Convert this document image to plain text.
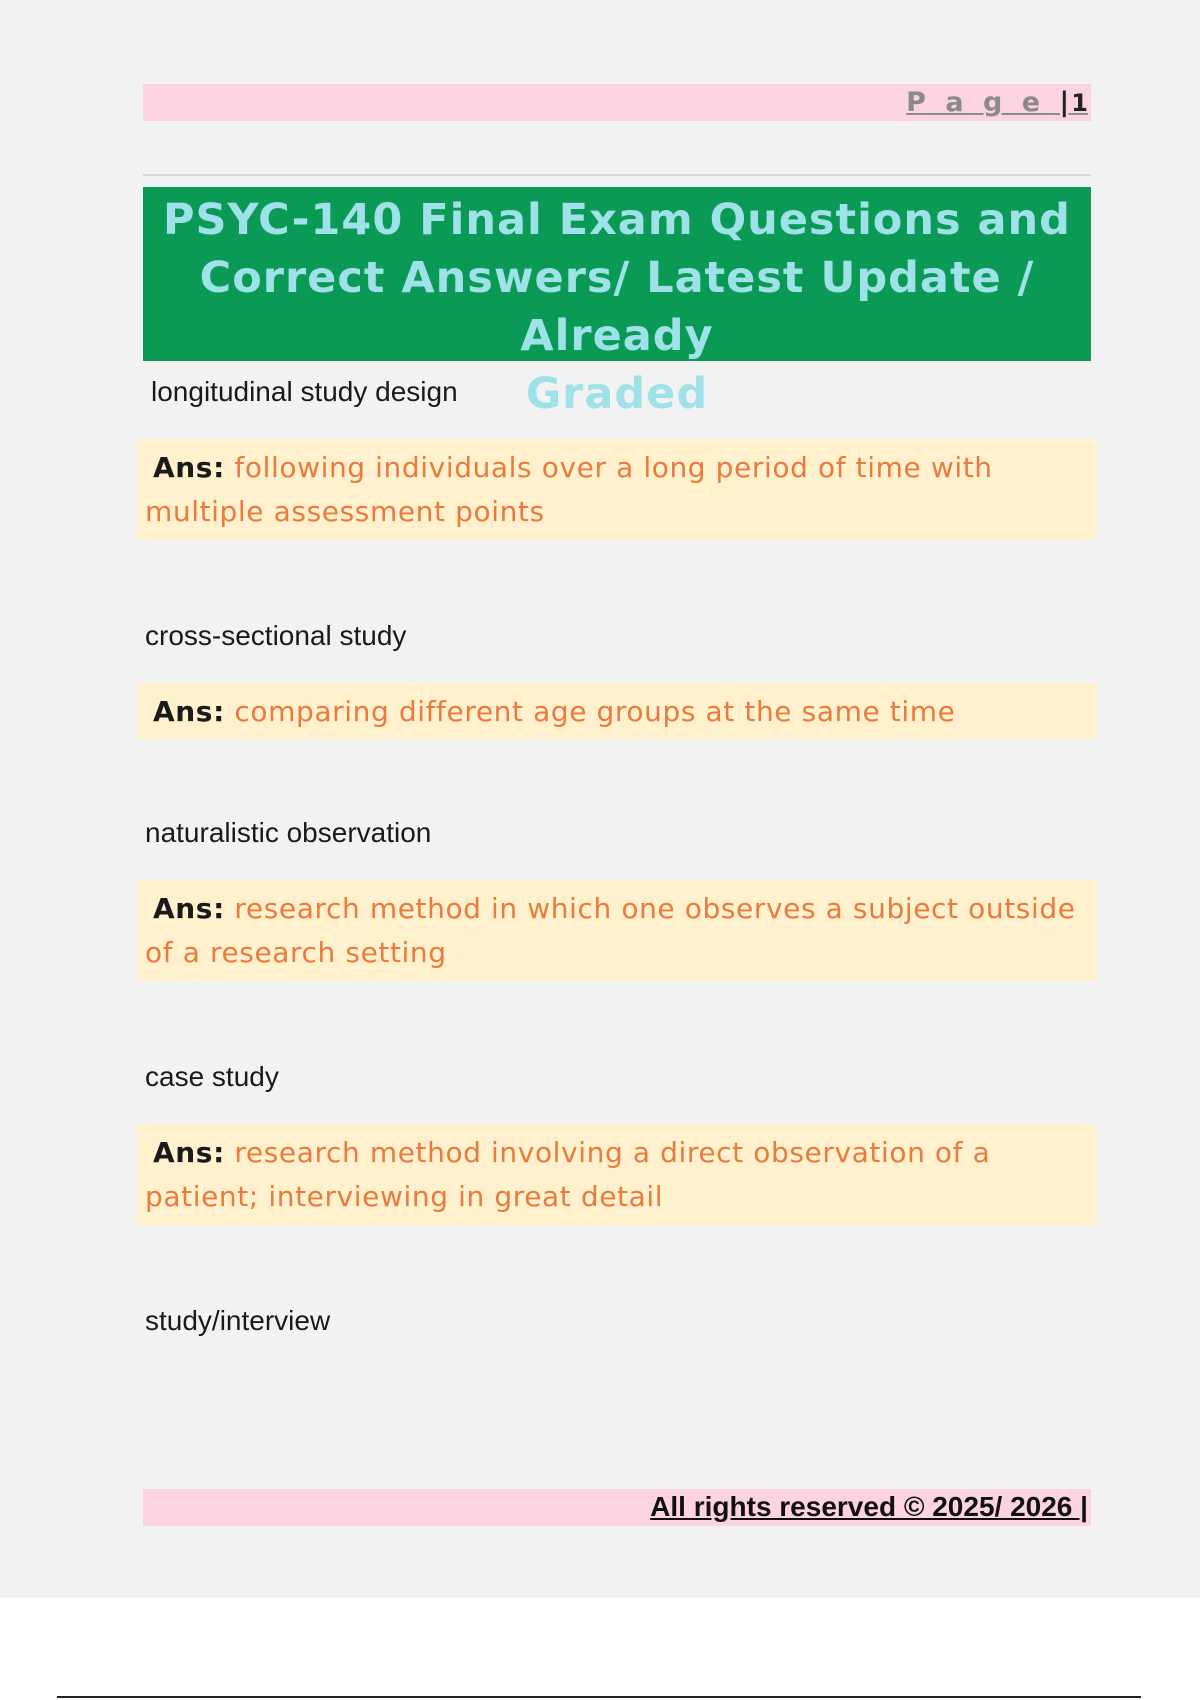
P a g e |1

PSYC-140 Final Exam Questions and

Correct Answers/ Latest Update / Already

Graded

longitudinal study design

Ans: following individuals over a long period of time with multiple assessment points

cross-sectional study

Ans: comparing different age groups at the same time

naturalistic observation

Ans: research method in which one observes a subject outside of a research setting

case study

Ans: research method involving a direct observation of a patient; interviewing in great detail

study/interview
All rights reserved © 2025/ 2026 |
